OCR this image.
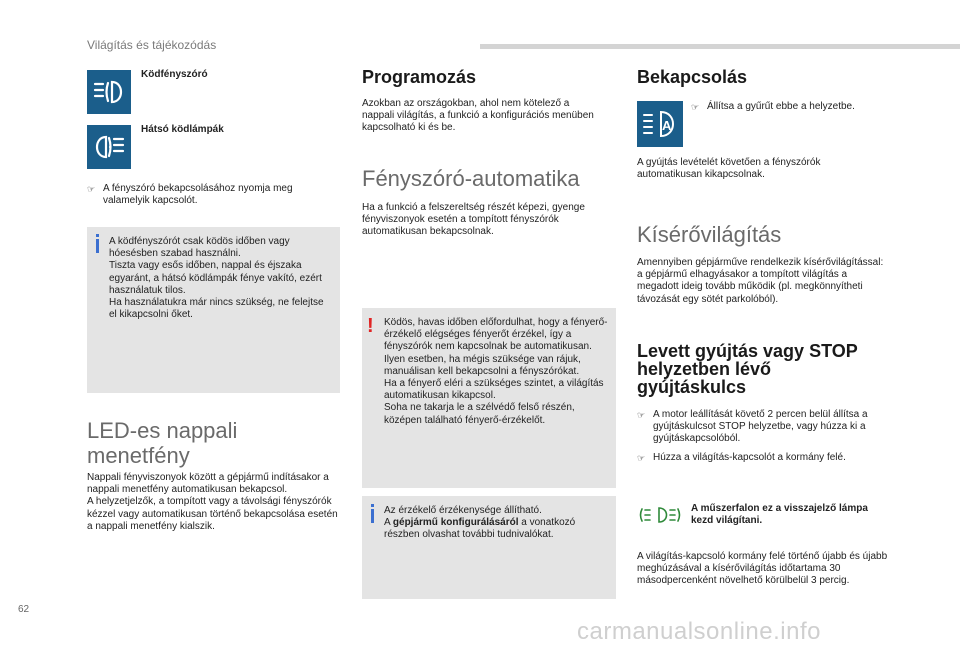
Világítás és tájékozódás
Ködfényszóró
Hátsó ködlámpák
☞ A fényszóró bekapcsolásához nyomja meg valamelyik kapcsolót.
A ködfényszórót csak ködös időben vagy hóesésben szabad használni.
Tiszta vagy esős időben, nappal és éjszaka egyaránt, a hátsó ködlámpák fénye vakító, ezért használatuk tilos.
Ha használatukra már nincs szükség, ne felejtse el kikapcsolni őket.
LED-es nappali menetfény
Nappali fényviszonyok között a gépjármű indításakor a nappali menetfény automatikusan bekapcsol.
A helyzetjelzők, a tompított vagy a távolsági fényszórók kézzel vagy automatikusan történő bekapcsolása esetén a nappali menetfény kialszik.
Programozás
Azokban az országokban, ahol nem kötelező a nappali világítás, a funkció a konfigurációs menüben kapcsolható ki és be.
Fényszóró-automatika
Ha a funkció a felszereltség részét képezi, gyenge fényviszonyok esetén a tompított fényszórók automatikusan bekapcsolnak.
! Ködös, havas időben előfordulhat, hogy a fényerő-érzékelő elégséges fényerőt érzékel, így a fényszórók nem kapcsolnak be automatikusan. Ilyen esetben, ha mégis szüksége van rájuk, manuálisan kell bekapcsolni a fényszórókat.
Ha a fényerő eléri a szükséges szintet, a világítás automatikusan kikapcsol.
Soha ne takarja le a szélvédő felső részén, középen található fényerő-érzékelőt.
Az érzékelő érzékenysége állítható.
A gépjármű konfigurálásáról a vonatkozó részben olvashat további tudnivalókat.
Bekapcsolás
A
☞ Állítsa a gyűrűt ebbe a helyzetbe.
A gyújtás levételét követően a fényszórók automatikusan kikapcsolnak.
Kísérővilágítás
Amennyiben gépjárműve rendelkezik kísérővilágítással: a gépjármű elhagyásakor a tompított világítás a megadott ideig tovább működik (pl. megkönnyítheti távozását egy sötét parkolóból).
Levett gyújtás vagy STOP helyzetben lévő gyújtáskulcs
☞ A motor leállítását követő 2 percen belül állítsa a gyújtáskulcsot STOP helyzetbe, vagy húzza ki a gyújtáskapcsolóból.
☞ Húzza a világítás-kapcsolót a kormány felé.
A műszerfalon ez a visszajelző lámpa kezd világítani.
A világítás-kapcsoló kormány felé történő újabb és újabb meghúzásával a kísérővilágítás időtartama 30 másodpercenként növelhető körülbelül 3 percig.
62
carmanualsonline.info
